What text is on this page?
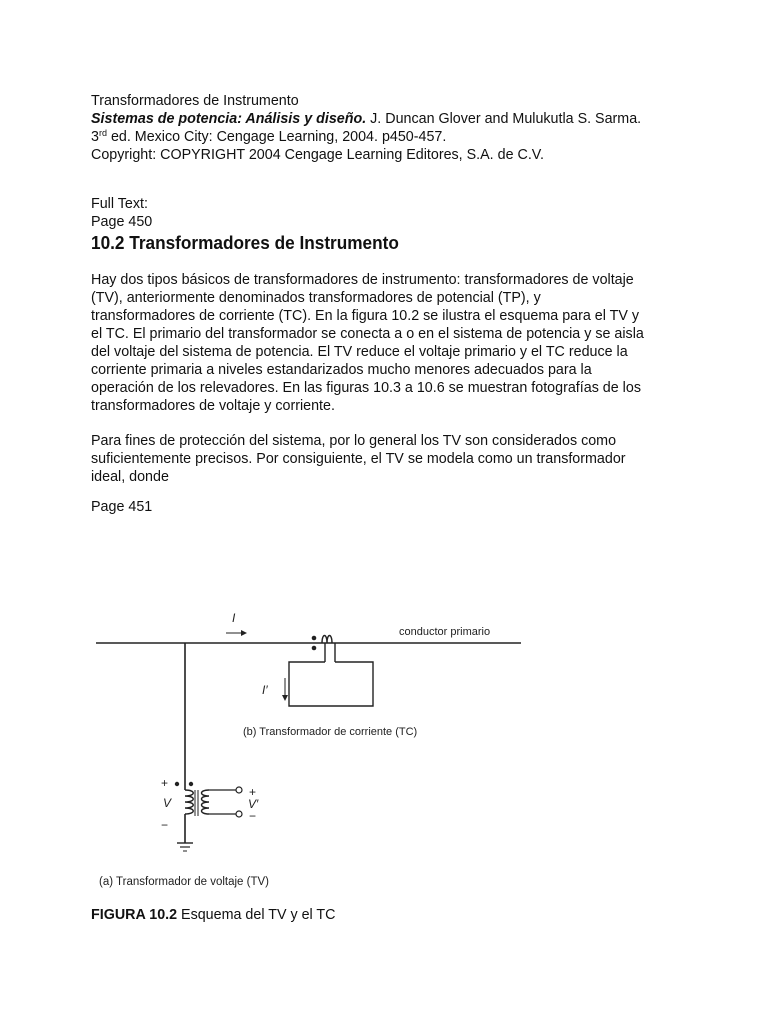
Transformadores de Instrumento

Sistemas de potencia: Análisis y diseño. J. Duncan Glover and Mulukutla S. Sarma.

3rd ed. Mexico City: Cengage Learning, 2004. p450-457.

Copyright: COPYRIGHT 2004 Cengage Learning Editores, S.A. de C.V.

Full Text:

Page 450

10.2 Transformadores de Instrumento

Hay dos tipos básicos de transformadores de instrumento: transformadores de voltaje
(TV), anteriormente denominados transformadores de potencial (TP), y
transformadores de corriente (TC). En la figura 10.2 se ilustra el esquema para el TV y
el TC. El primario del transformador se conecta a o en el sistema de potencia y se aisla
del voltaje del sistema de potencia. El TV reduce el voltaje primario y el TC reduce la
corriente primaria a niveles estandarizados mucho menores adecuados para la
operación de los relevadores. En las figuras 10.3 a 10.6 se muestran fotografías de los
transformadores de voltaje y corriente.

Para fines de protección del sistema, por lo general los TV son considerados como
suficientemente precisos. Por consiguiente, el TV se modela como un transformador
ideal, donde

Page 451

I
conductor primario
I′
(b) Transformador de corriente (TC)
+
V
−
+
V′
−
(a) Transformador de voltaje (TV)

FIGURA 10.2 Esquema del TV y el TC
